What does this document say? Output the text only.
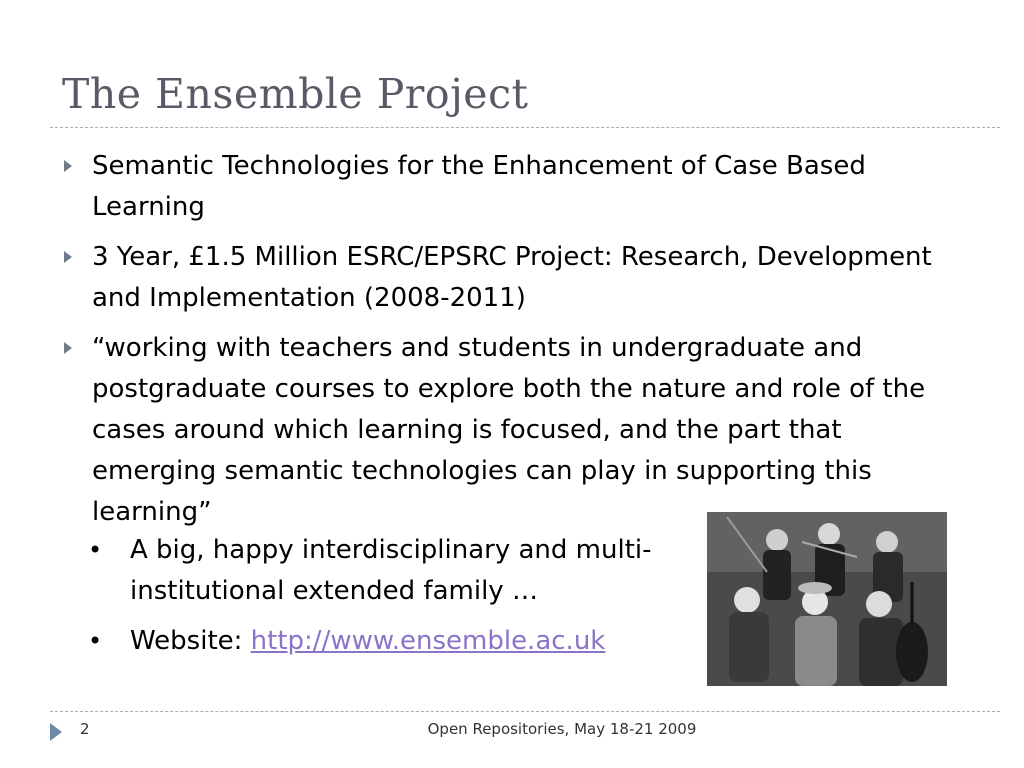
The Ensemble Project
Semantic Technologies for the Enhancement of Case Based Learning
3 Year, £1.5 Million ESRC/EPSRC Project: Research, Development and Implementation (2008-2011)
“working with teachers and students in undergraduate and postgraduate courses to explore both the nature and role of the cases around which learning is focused, and the part that emerging semantic technologies can play in supporting this learning”
• A big, happy interdisciplinary and multi-institutional extended family …
• Website: http://www.ensemble.ac.uk
2	Open Repositories, May 18-21 2009
